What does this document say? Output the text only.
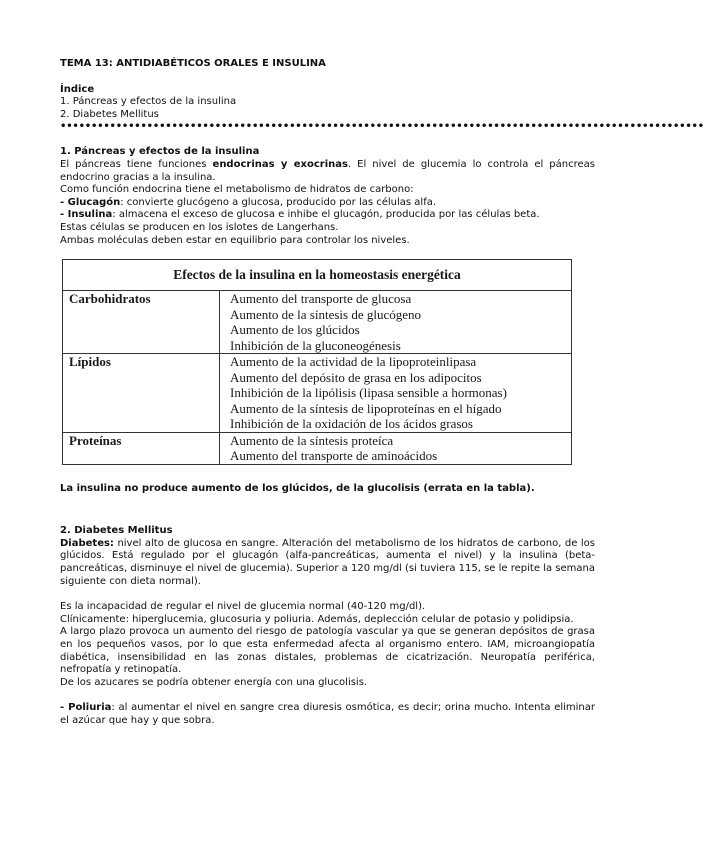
TEMA 13: ANTIDIABÉTICOS ORALES E INSULINA

Índice

1. Páncreas y efectos de la insulina

2. Diabetes Mellitus

••••••••••••••••••••••••••••••••••••••••••••••••••••••••••••••••••••••••••••••••••••••••••••••••••••••••

1. Páncreas y efectos de la insulina

El páncreas tiene funciones endocrinas y exocrinas. El nivel de glucemia lo controla el páncreas endocrino gracias a la insulina.

Como función endocrina tiene el metabolismo de hidratos de carbono:

- Glucagón: convierte glucógeno a glucosa, producido por las células alfa.

- Insulina: almacena el exceso de glucosa e inhibe el glucagón, producida por las células beta.

Estas células se producen en los islotes de Langerhans.

Ambas moléculas deben estar en equilibrio para controlar los niveles.

Efectos de la insulina en la homeostasis energética	

Carbohidratos	Aumento del transporte de glucosa
Aumento de la síntesis de glucógeno
Aumento de los glúcidos
Inhibición de la gluconeogénesis

Lípidos	Aumento de la actividad de la lipoproteinlipasa
Aumento del depósito de grasa en los adipocitos
Inhibición de la lipólisis (lipasa sensible a hormonas)
Aumento de la síntesis de lipoproteínas en el hígado
Inhibición de la oxidación de los ácidos grasos

Proteínas	Aumento de la síntesis proteíca
Aumento del transporte de aminoácidos

La insulina no produce aumento de los glúcidos, de la glucolisis (errata en la tabla).

2. Diabetes Mellitus

Diabetes: nivel alto de glucosa en sangre. Alteración del metabolismo de los hidratos de carbono, de los glúcidos. Está regulado por el glucagón (alfa-pancreáticas, aumenta el nivel) y la insulina (beta-pancreáticas, disminuye el nivel de glucemia). Superior a 120 mg/dl (si tuviera 115, se le repite la semana siguiente con dieta normal).

Es la incapacidad de regular el nivel de glucemia normal (40-120 mg/dl).

Clínicamente: hiperglucemia, glucosuria y poliuria. Además, deplección celular de potasio y polidipsia.

A largo plazo provoca un aumento del riesgo de patología vascular ya que se generan depósitos de grasa en los pequeños vasos, por lo que esta enfermedad afecta al organismo entero. IAM, microangiopatía diabética, insensibilidad en las zonas distales, problemas de cicatrización. Neuropatía periférica, nefropatía y retinopatía.

De los azucares se podría obtener energía con una glucolisis.

- Poliuria: al aumentar el nivel en sangre crea diuresis osmótica, es decir; orina mucho. Intenta eliminar el azúcar que hay y que sobra.
